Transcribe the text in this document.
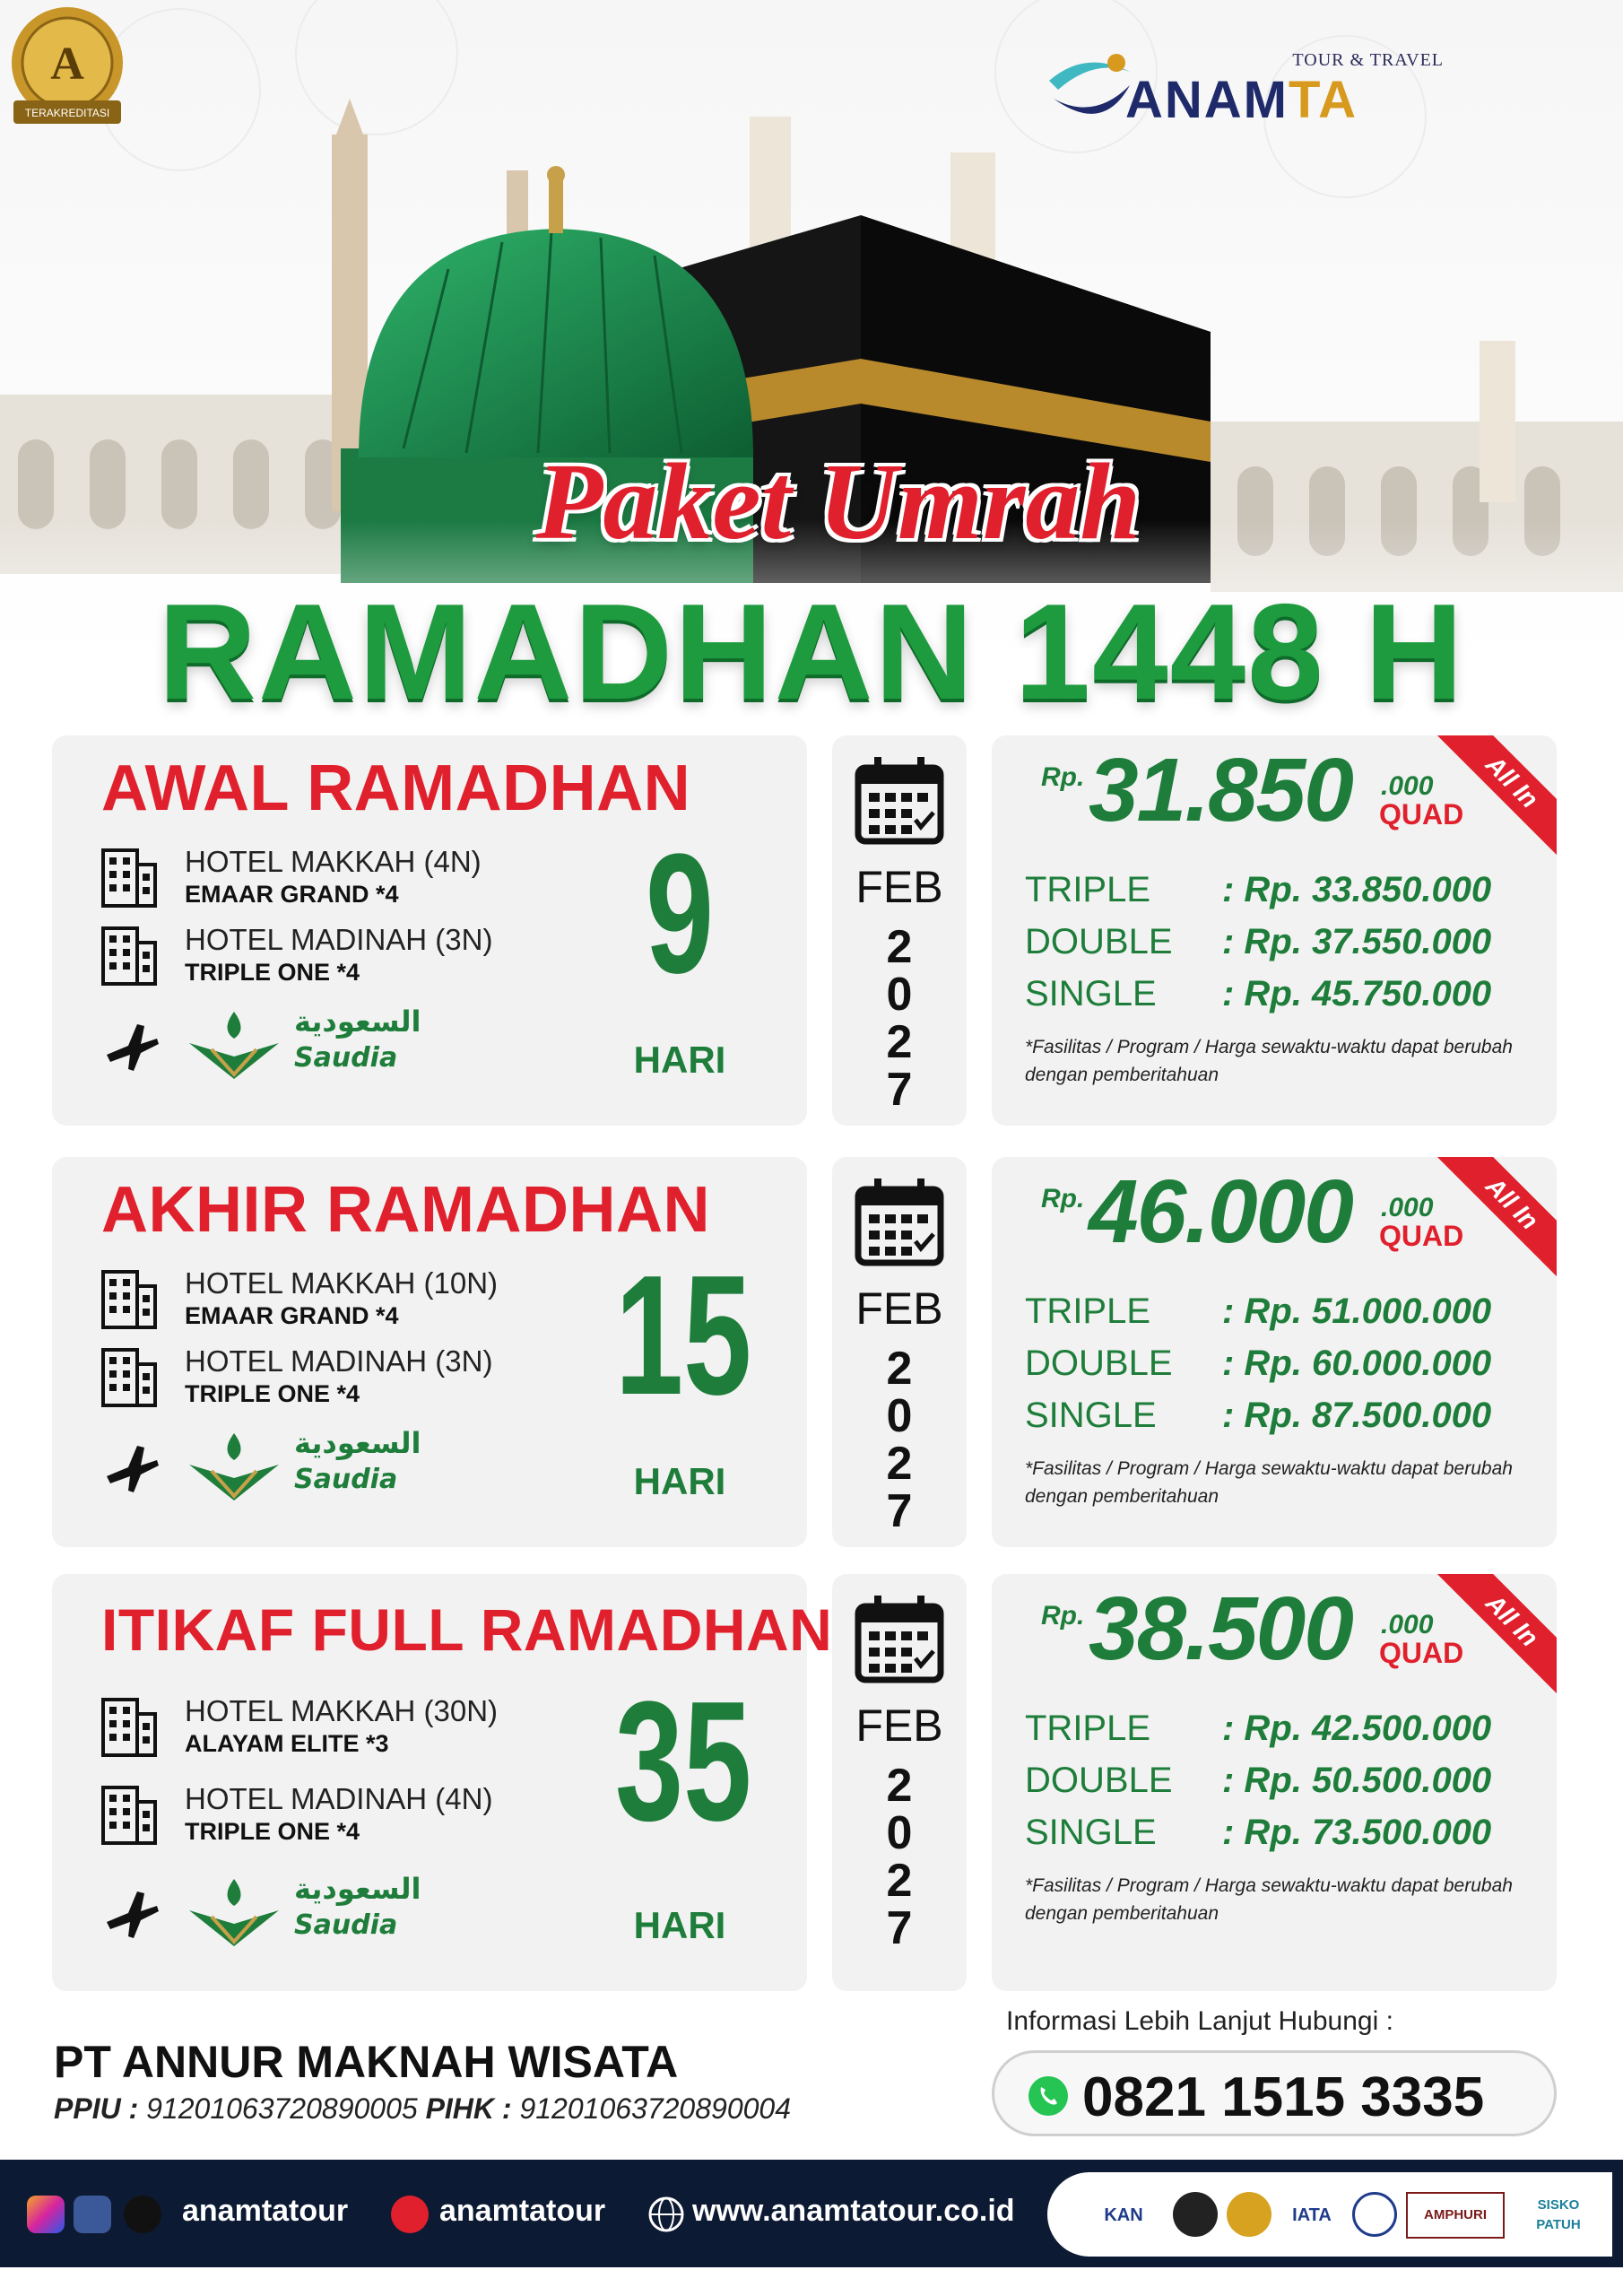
TOUR & TRAVEL
ANAMTA
A
TERAKREDITASI
Paket Umrah
RAMADHAN 1448 H
AWAL RAMADHAN
HOTEL MAKKAH (4N)
EMAAR GRAND *4
HOTEL MADINAH (3N)
TRIPLE ONE *4
السعودية
Saudia
9
HARI
FEB
2
0
2
7
All In
Rp. 31.850 .000
QUAD
TRIPLE : Rp. 33.850.000
DOUBLE : Rp. 37.550.000
SINGLE : Rp. 45.750.000
*Fasilitas / Program / Harga sewaktu-waktu dapat berubah dengan pemberitahuan
AKHIR RAMADHAN
HOTEL MAKKAH (10N)
EMAAR GRAND *4
HOTEL MADINAH (3N)
TRIPLE ONE *4
السعودية
Saudia
15
HARI
FEB
2
0
2
7
All In
Rp. 46.000 .000
QUAD
TRIPLE : Rp. 51.000.000
DOUBLE : Rp. 60.000.000
SINGLE : Rp. 87.500.000
*Fasilitas / Program / Harga sewaktu-waktu dapat berubah dengan pemberitahuan
ITIKAF FULL RAMADHAN
HOTEL MAKKAH (30N)
ALAYAM ELITE *3
HOTEL MADINAH (4N)
TRIPLE ONE *4
السعودية
Saudia
35
HARI
FEB
2
0
2
7
All In
Rp. 38.500 .000
QUAD
TRIPLE : Rp. 42.500.000
DOUBLE : Rp. 50.500.000
SINGLE : Rp. 73.500.000
*Fasilitas / Program / Harga sewaktu-waktu dapat berubah dengan pemberitahuan
PT ANNUR MAKNAH WISATA
PPIU : 91201063720890005 PIHK : 91201063720890004
Informasi Lebih Lanjut Hubungi :
0821 1515 3335
anamtatour	anamtatour	www.anamtatour.co.id	KAN	IATA	AMPHURI
SISKO PATUH
